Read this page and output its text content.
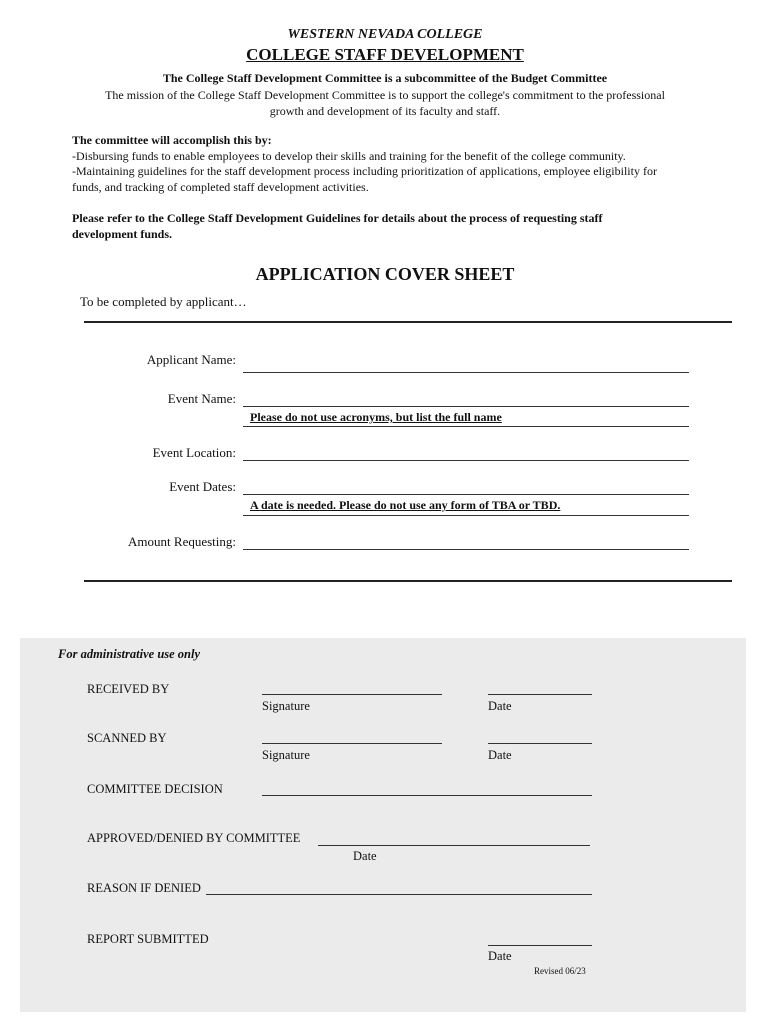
WESTERN NEVADA COLLEGE
COLLEGE STAFF DEVELOPMENT
The College Staff Development Committee is a subcommittee of the Budget Committee
The mission of the College Staff Development Committee is to support the college's commitment to the professional
growth and development of its faculty and staff.
The committee will accomplish this by:
-Disbursing funds to enable employees to develop their skills and training for the benefit of the college community.
-Maintaining guidelines for the staff development process including prioritization of applications, employee eligibility for
funds, and tracking of completed staff development activities.
Please refer to the College Staff Development Guidelines for details about the process of requesting staff
development funds.
APPLICATION COVER SHEET
To be completed by applicant…
Applicant Name:
Event Name:
Please do not use acronyms, but list the full name
Event Location:
Event Dates:
A date is needed. Please do not use any form of TBA or TBD.
Amount Requesting:
For administrative use only
RECEIVED BY
Signature	Date
SCANNED BY
Signature	Date
COMMITTEE DECISION
APPROVED/DENIED BY COMMITTEE
Date
REASON IF DENIED
REPORT SUBMITTED
Date
Revised 06/23
